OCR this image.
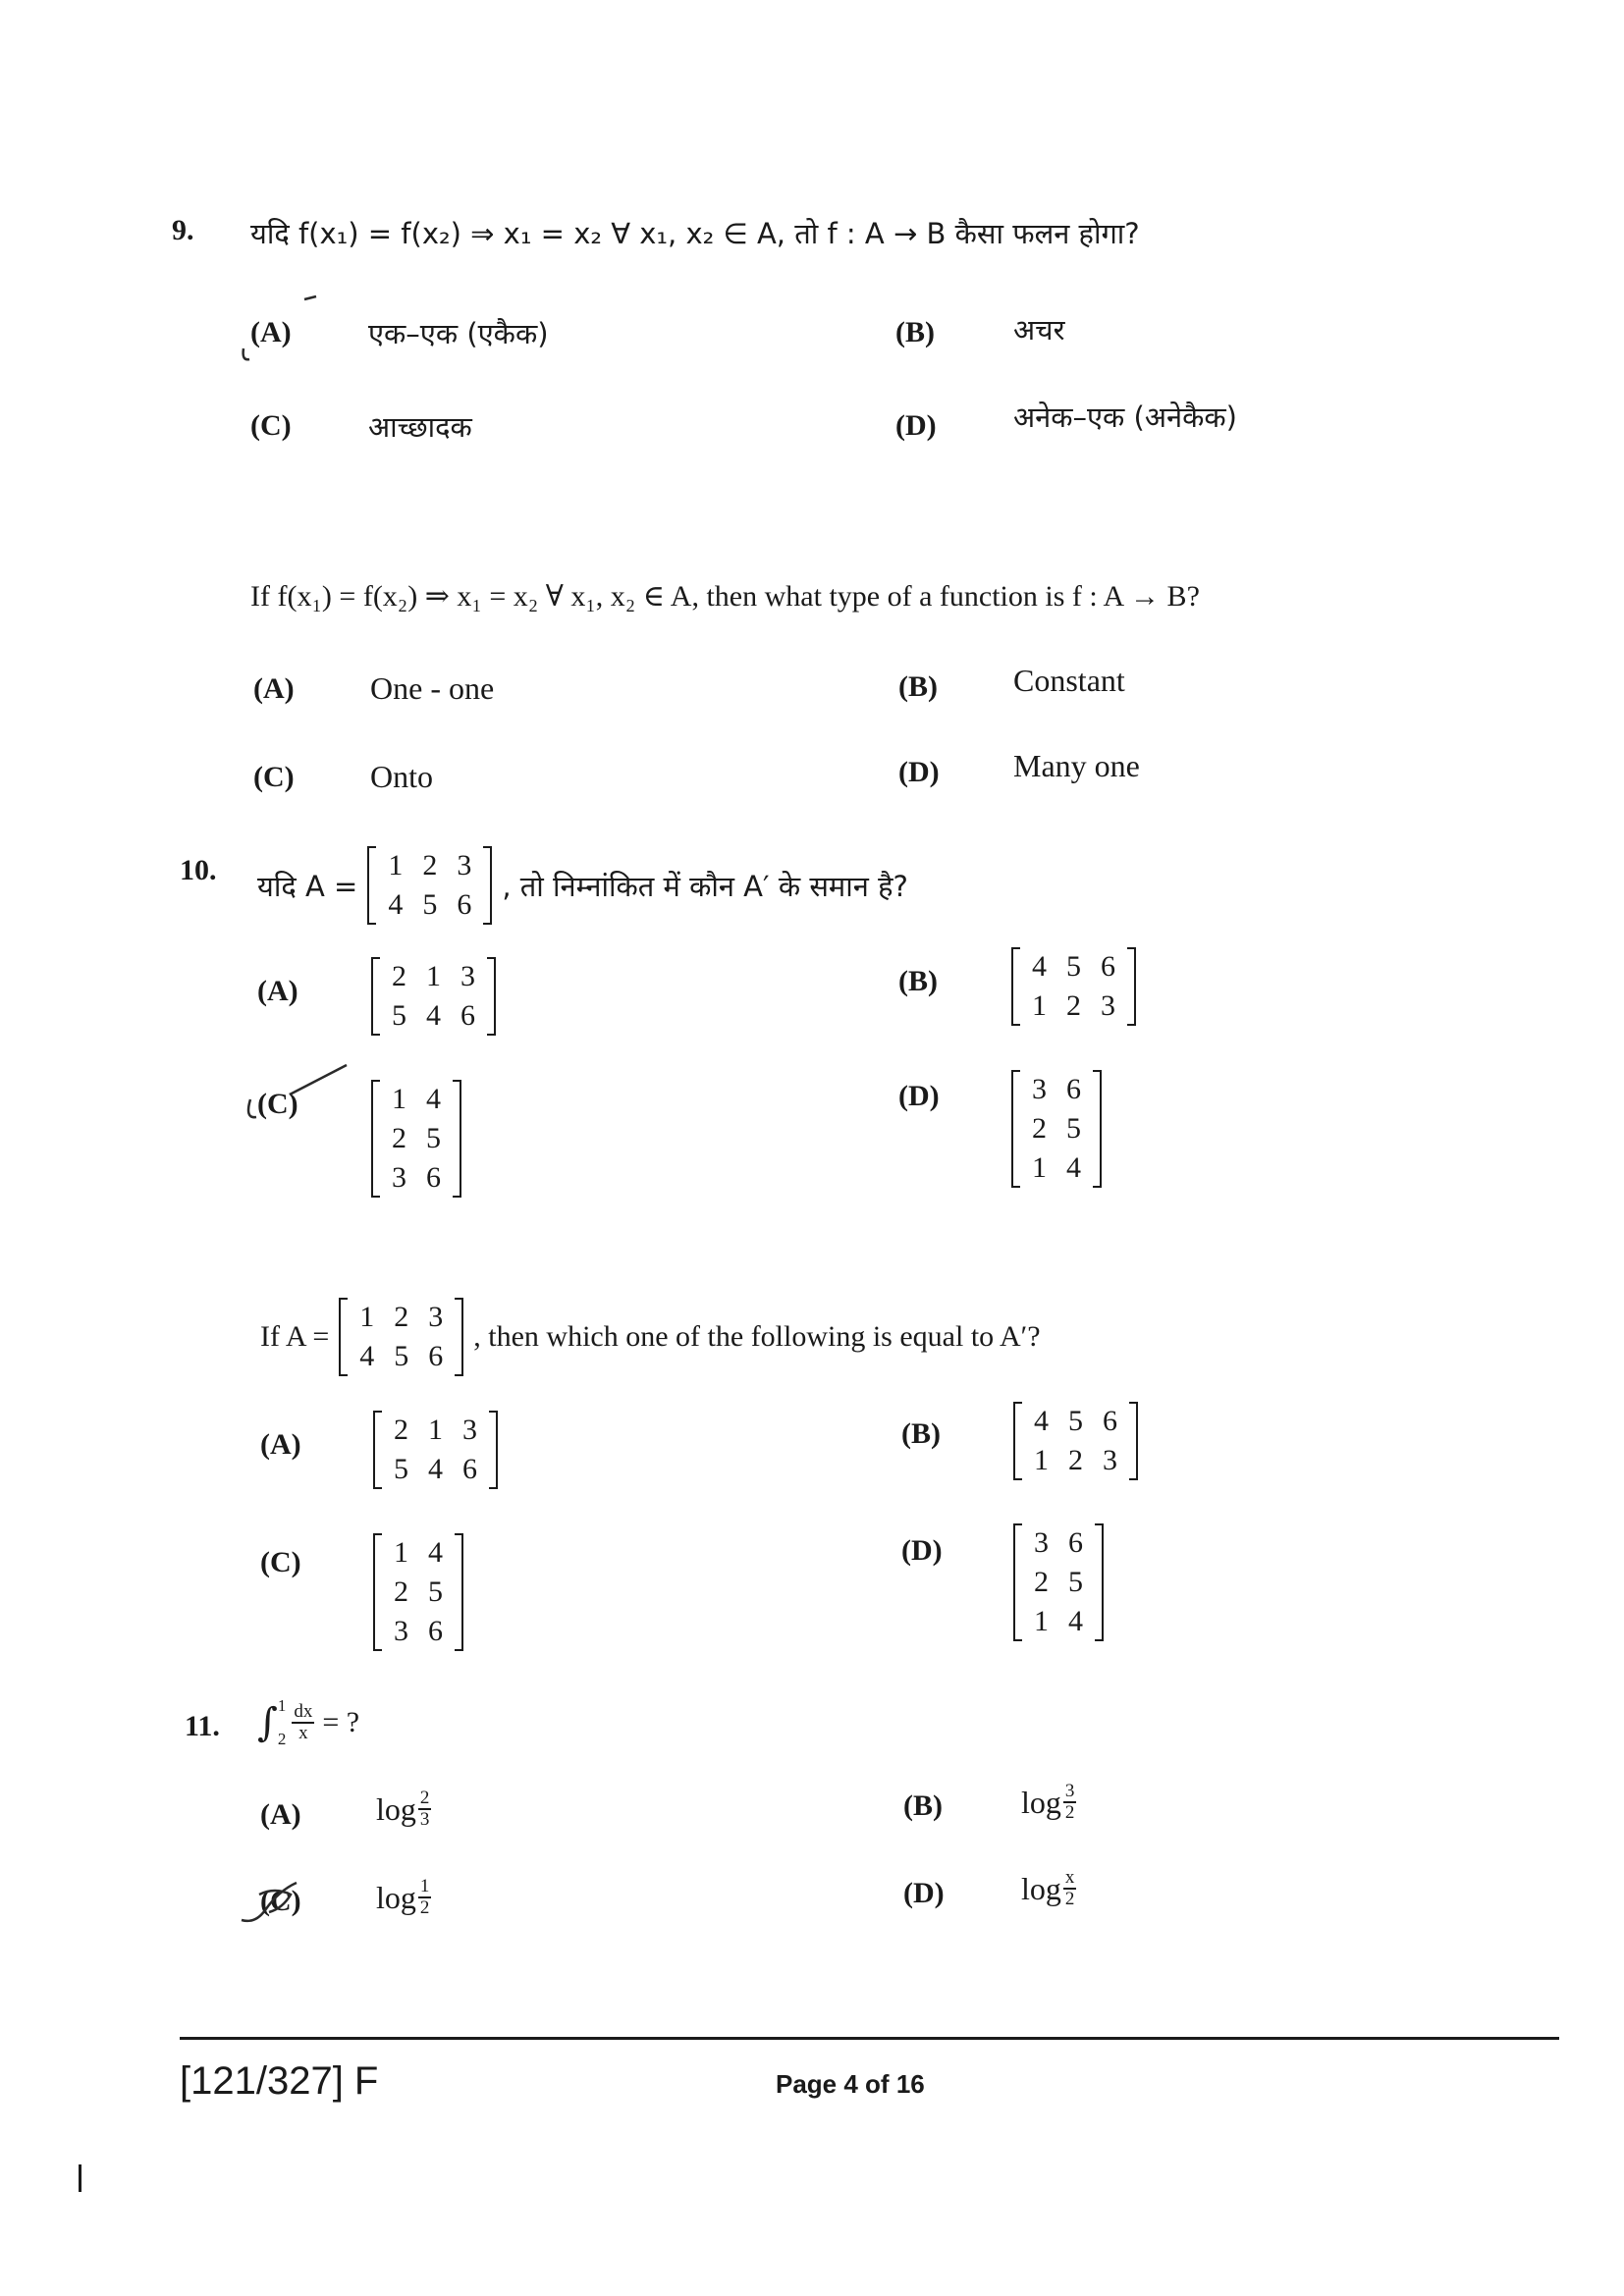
9. यदि f(x₁) = f(x₂) ⇒ x₁ = x₂ ∀ x₁, x₂ ∈ A, तो f : A → B कैसा फलन होगा?
(A)	एक–एक (एकैक)	(B)	अचर
(C)	आच्छादक	(D)	अनेक–एक (अनेकैक)
If f(x₁) = f(x₂) ⇒ x₁ = x₂ ∀ x₁, x₂ ∈ A, then what type of a function is f : A → B?
(A) One - one	(B) Constant
(C) Onto	(D) Many one
10. यदि A =
1	2	3
4	5	6
, तो निम्नांकित में कौन A′ के समान है?
(A)	2	1	3
5	4	6
(B)	4	5	6
1	2	3
(C)	1	4
2	5
3	6
(D)	3	6
2	5
1	4
If A =
1	2	3
4	5	6
, then which one of the following is equal to A′?
(A)	2	1	3
5	4	6
(B)	4	5	6
1	2	3
(C)	1	4
2	5
3	6
(D)	3	6
2	5
1	4
11. ∫ 1
$2 \frac{dx}{x}$ = ?
(A) $\log \frac{2}{3}$	(B)	$\log \frac{3}{2}$
(C) $\log \frac{1}{2}$	(D) $\log \frac{x}{2}$
[121/327] F	Page 4 of 16
